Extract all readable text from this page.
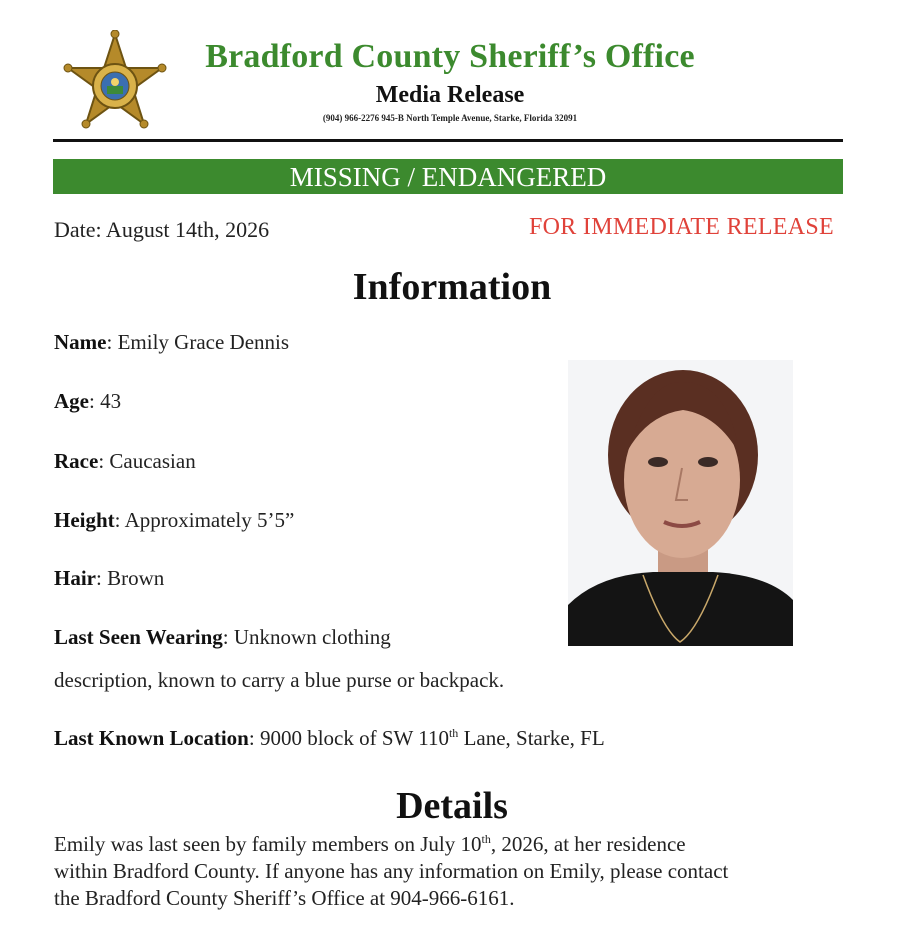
Bradford County Sheriff’s Office
Media Release
(904) 966-2276 945-B North Temple Avenue, Starke, Florida 32091
MISSING / ENDANGERED
Date: August 14th, 2026	FOR IMMEDIATE RELEASE
Information
Name: Emily Grace Dennis
Age: 43
Race: Caucasian
Height: Approximately 5’5”
Hair: Brown
Last Seen Wearing: Unknown clothing
description, known to carry a blue purse or backpack.
Last Known Location: 9000 block of SW 110th Lane, Starke, FL
Details
Emily was last seen by family members on July 10th, 2026, at her residence
within Bradford County. If anyone has any information on Emily, please contact
the Bradford County Sheriff’s Office at 904-966-6161.
